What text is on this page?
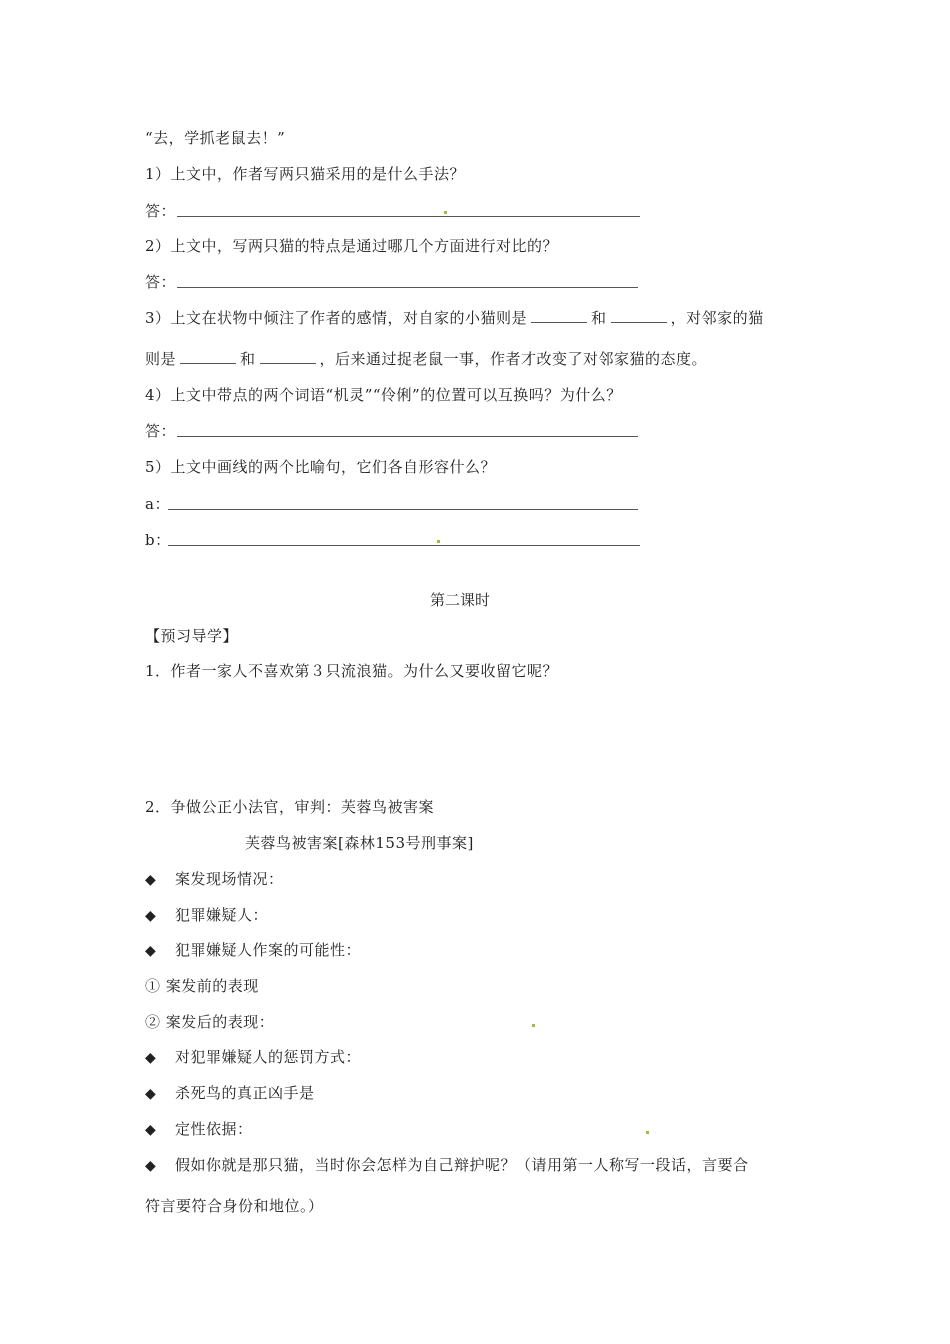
“去，学抓老鼠去！”
1）上文中，作者写两只猫采用的是什么手法？
答：
2）上文中，写两只猫的特点是通过哪几个方面进行对比的？
答：
3）上文在状物中倾注了作者的感情，对自家的小猫则是	和	，对邻家的猫
则是	和	，后来通过捉老鼠一事，作者才改变了对邻家猫的态度。
4）上文中带点的两个词语“机灵”“伶俐”的位置可以互换吗？为什么？
答：
5）上文中画线的两个比喻句，它们各自形容什么？
a：
b：
第二课时
【预习导学】
1．作者一家人不喜欢第３只流浪猫。为什么又要收留它呢？
2．争做公正小法官，审判：芙蓉鸟被害案
芙蓉鸟被害案[森林153号刑事案]
◆ 案发现场情况：
◆ 犯罪嫌疑人：
◆ 犯罪嫌疑人作案的可能性：
① 案发前的表现
② 案发后的表现：
◆ 对犯罪嫌疑人的惩罚方式：
◆ 杀死鸟的真正凶手是
◆ 定性依据：
◆ 假如你就是那只猫，当时你会怎样为自己辩护呢？（请用第一人称写一段话，言要合
符言要符合身份和地位。）
